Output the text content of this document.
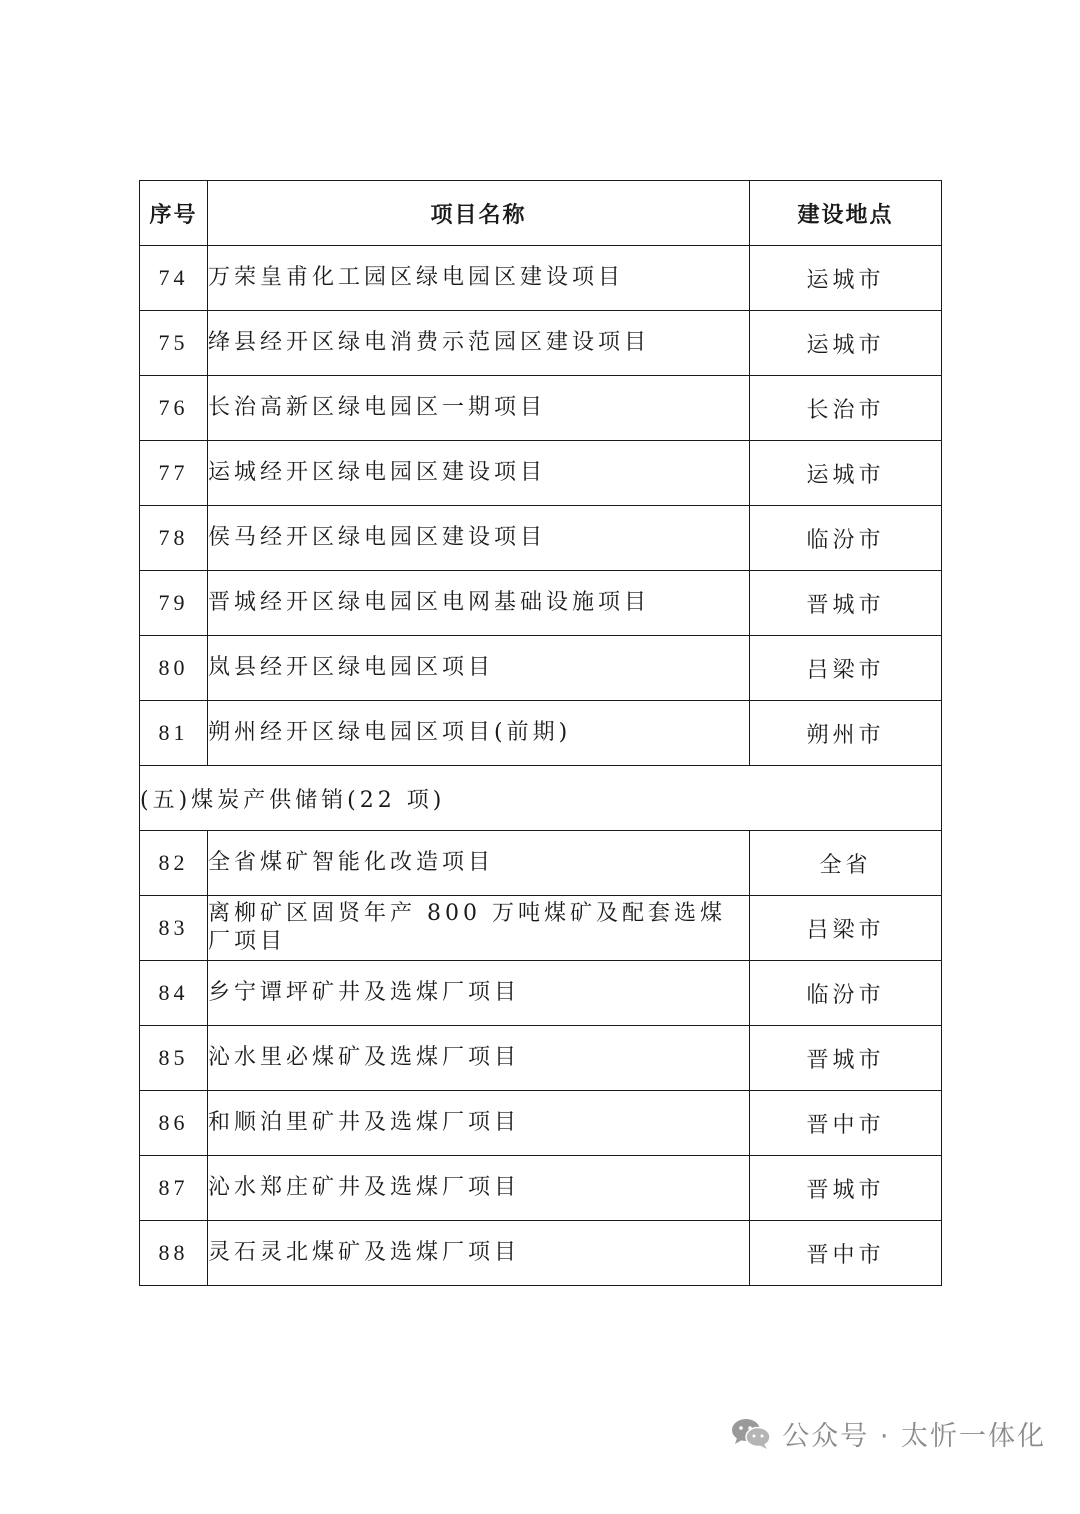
序号	项目名称	建设地点
74	万荣皇甫化工园区绿电园区建设项目	运城市
75	绛县经开区绿电消费示范园区建设项目	运城市
76	长治高新区绿电园区一期项目	长治市
77	运城经开区绿电园区建设项目	运城市
78	侯马经开区绿电园区建设项目	临汾市
79	晋城经开区绿电园区电网基础设施项目	晋城市
80	岚县经开区绿电园区项目	吕梁市
81	朔州经开区绿电园区项目(前期)	朔州市
(五)煤炭产供储销(22 项)		
82	全省煤矿智能化改造项目	全省
83	离柳矿区固贤年产 800 万吨煤矿及配套选煤厂项目	吕梁市
84	乡宁谭坪矿井及选煤厂项目	临汾市
85	沁水里必煤矿及选煤厂项目	晋城市
86	和顺泊里矿井及选煤厂项目	晋中市
87	沁水郑庄矿井及选煤厂项目	晋城市
88	灵石灵北煤矿及选煤厂项目	晋中市
公众号 · 太忻一体化
